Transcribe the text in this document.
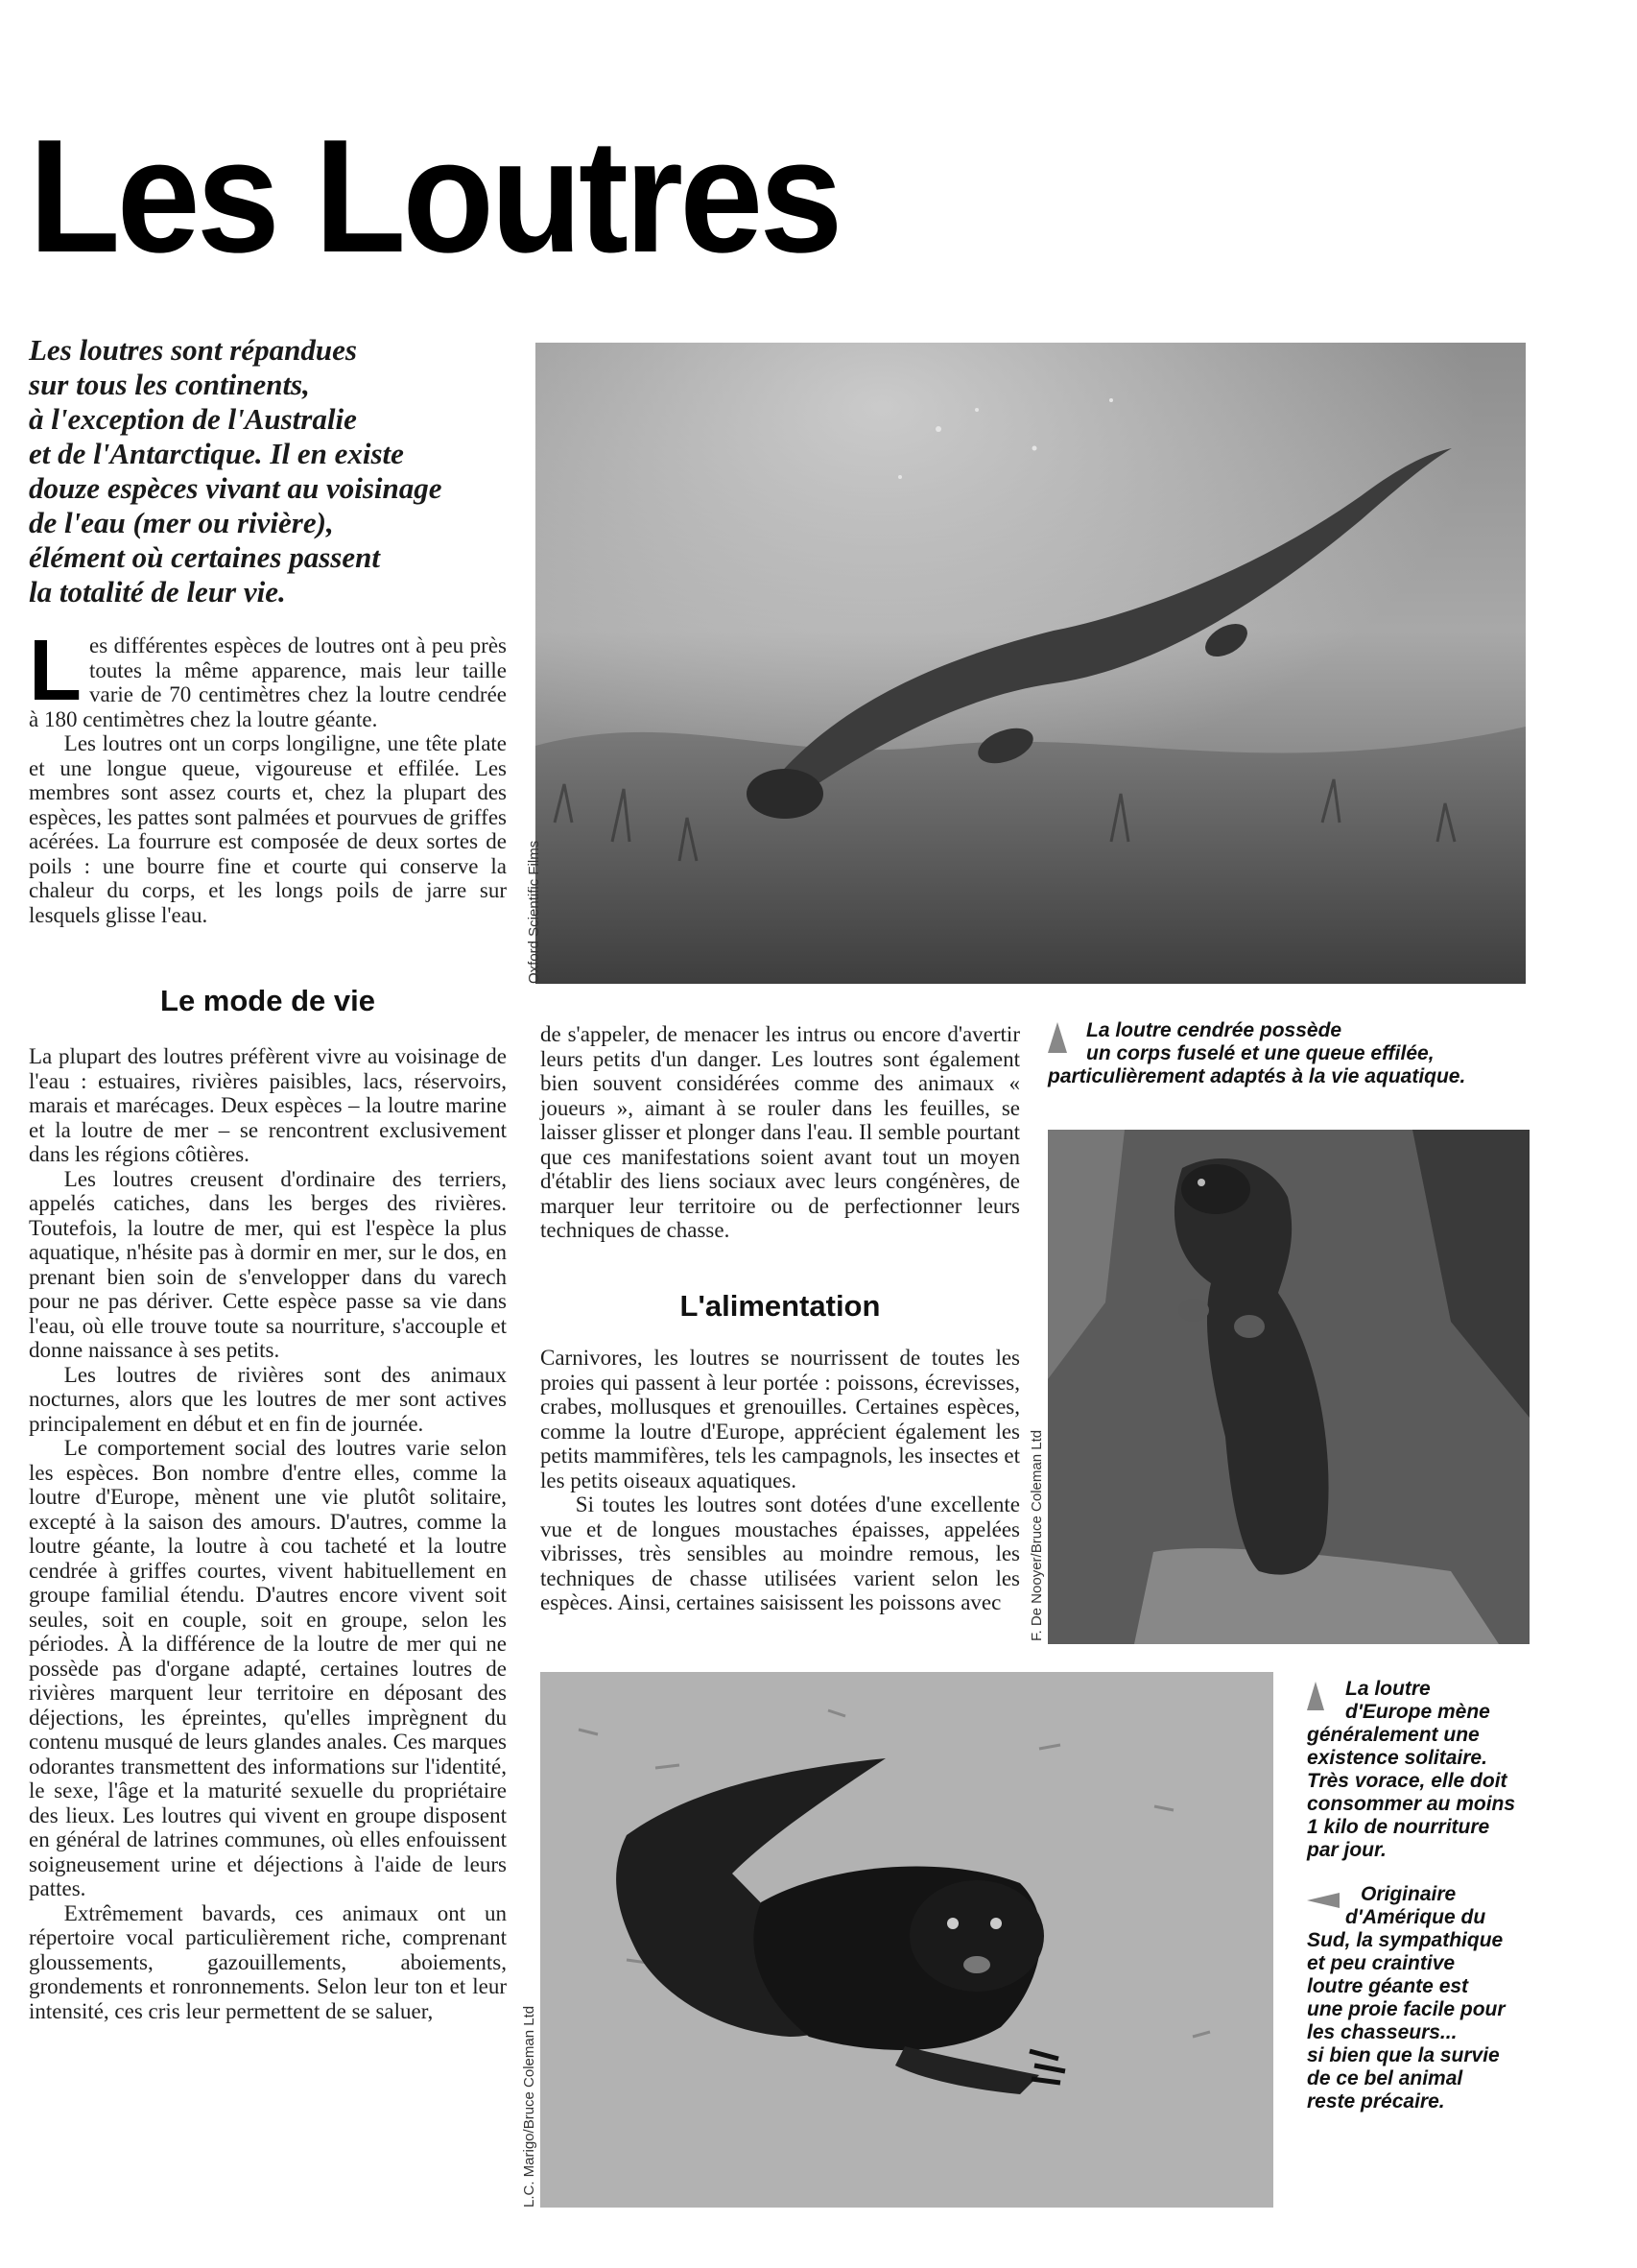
Les Loutres
Les loutres sont répandues
sur tous les continents,
à l'exception de l'Australie
et de l'Antarctique. Il en existe
douze espèces vivant au voisinage
de l'eau (mer ou rivière),
élément où certaines passent
la totalité de leur vie.
L es différentes espèces de loutres ont à peu près toutes la même apparence, mais leur taille varie de 70 centimètres chez la loutre cendrée à 180 centimètres chez la loutre géante.

Les loutres ont un corps longiligne, une tête plate et une longue queue, vigoureuse et effilée. Les membres sont assez courts et, chez la plupart des espèces, les pattes sont palmées et pourvues de griffes acérées. La fourrure est composée de deux sortes de poils : une bourre fine et courte qui conserve la chaleur du corps, et les longs poils de jarre sur lesquels glisse l'eau.

Le mode de vie

La plupart des loutres préfèrent vivre au voisinage de l'eau : estuaires, rivières paisibles, lacs, réservoirs, marais et marécages. Deux espèces – la loutre marine et la loutre de mer – se rencontrent exclusivement dans les régions côtières.

Les loutres creusent d'ordinaire des terriers, appelés catiches, dans les berges des rivières. Toutefois, la loutre de mer, qui est l'espèce la plus aquatique, n'hésite pas à dormir en mer, sur le dos, en prenant bien soin de s'envelopper dans du varech pour ne pas dériver. Cette espèce passe sa vie dans l'eau, où elle trouve toute sa nourriture, s'accouple et donne naissance à ses petits.

Les loutres de rivières sont des animaux nocturnes, alors que les loutres de mer sont actives principalement en début et en fin de journée.

Le comportement social des loutres varie selon les espèces. Bon nombre d'entre elles, comme la loutre d'Europe, mènent une vie plutôt solitaire, excepté à la saison des amours. D'autres, comme la loutre géante, la loutre à cou tacheté et la loutre cendrée à griffes courtes, vivent habituellement en groupe familial étendu. D'autres encore vivent soit seules, soit en couple, soit en groupe, selon les périodes. À la différence de la loutre de mer qui ne possède pas d'organe adapté, certaines loutres de rivières marquent leur territoire en déposant des déjections, les épreintes, qu'elles imprègnent du contenu musqué de leurs glandes anales. Ces marques odorantes transmettent des informations sur l'identité, le sexe, l'âge et la maturité sexuelle du propriétaire des lieux. Les loutres qui vivent en groupe disposent en général de latrines communes, où elles enfouissent soigneusement urine et déjections à l'aide de leurs pattes.

Extrêmement bavards, ces animaux ont un répertoire vocal particulièrement riche, comprenant gloussements, gazouillements, aboiements, grondements et ronronnements. Selon leur ton et leur intensité, ces cris leur permettent de se saluer,

Oxford Scientific Films

de s'appeler, de menacer les intrus ou encore d'avertir leurs petits d'un danger. Les loutres sont également bien souvent considérées comme des animaux « joueurs », aimant à se rouler dans les feuilles, se laisser glisser et plonger dans l'eau. Il semble pourtant que ces manifestations soient avant tout un moyen d'établir des liens sociaux avec leurs congénères, de marquer leur territoire ou de perfectionner leurs techniques de chasse.

L'alimentation

Carnivores, les loutres se nourrissent de toutes les proies qui passent à leur portée : poissons, écrevisses, crabes, mollusques et grenouilles. Certaines espèces, comme la loutre d'Europe, apprécient également les petits mammifères, tels les campagnols, les insectes et les petits oiseaux aquatiques.

Si toutes les loutres sont dotées d'une excellente vue et de longues moustaches épaisses, appelées vibrisses, très sensibles au moindre remous, les techniques de chasse utilisées varient selon les espèces. Ainsi, certaines saisissent les poissons avec

La loutre cendrée possède

un corps fuselé et une queue effilée,

particulièrement adaptés à la vie aquatique.

F. De Nooyer/Bruce Coleman Ltd
L.C. Marigo/Bruce Coleman Ltd

La loutre

d'Europe mène

généralement une

existence solitaire.

Très vorace, elle doit

consommer au moins

1 kilo de nourriture

par jour.

Originaire

d'Amérique du

Sud, la sympathique

et peu craintive

loutre géante est

une proie facile pour

les chasseurs...

si bien que la survie

de ce bel animal

reste précaire.
